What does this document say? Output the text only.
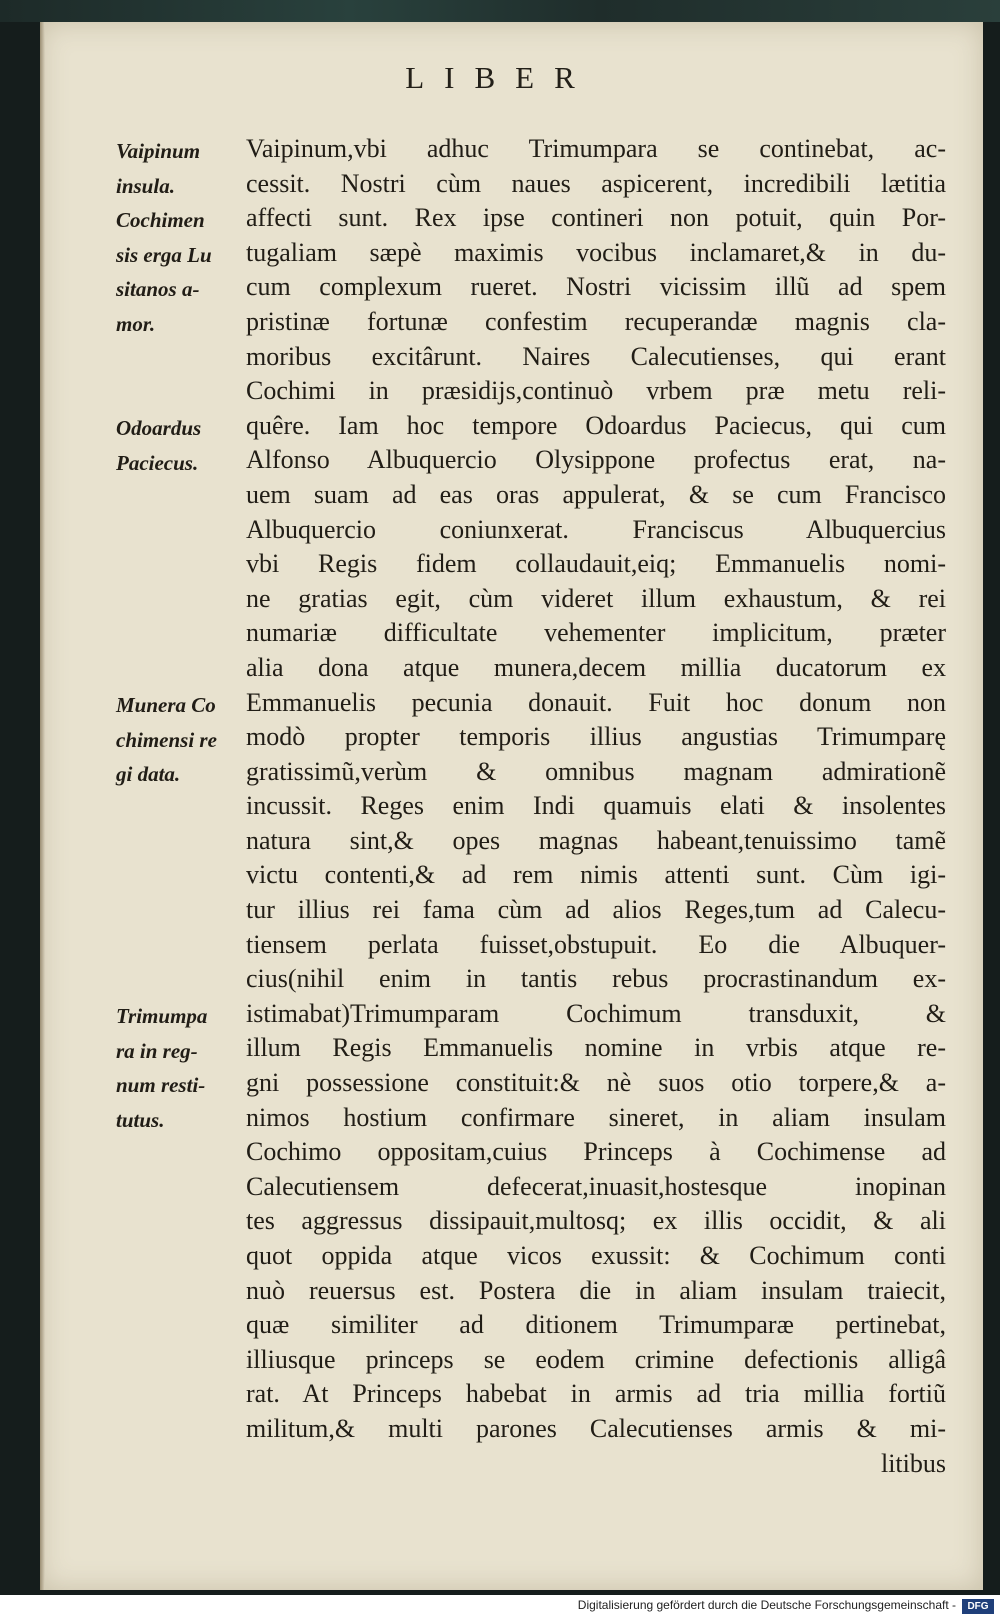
LIBER
Vaipinum
insula.
Cochimen
sis erga Lu
sitanos a-
mor.
Odoardus
Paciecus.
Munera Co
chimensi re
gi data.
Trimumpa
ra in reg-
num resti-
tutus.
Vaipinum,vbi adhuc Trimumpara se continebat, ac-
cessit. Nostri cùm naues aspicerent, incredibili lætitia
affecti sunt. Rex ipse contineri non potuit, quin Por-
tugaliam sæpè maximis vocibus inclamaret,& in du-
cum complexum rueret. Nostri vicissim illũ ad spem
pristinæ fortunæ confestim recuperandæ magnis cla-
moribus excitârunt. Naires Calecutienses, qui erant
Cochimi in præsidijs,continuò vrbem præ metu reli-
quêre. Iam hoc tempore Odoardus Paciecus, qui cum
Alfonso Albuquercio Olysippone profectus erat, na-
uem suam ad eas oras appulerat, & se cum Francisco
Albuquercio coniunxerat. Franciscus Albuquercius
vbi Regis fidem collaudauit,eiq; Emmanuelis nomi-
ne gratias egit, cùm videret illum exhaustum, & rei
numariæ difficultate vehementer implicitum, præter
alia dona atque munera,decem millia ducatorum ex
Emmanuelis pecunia donauit. Fuit hoc donum non
modò propter temporis illius angustias Trimumparę
gratissimũ,verùm & omnibus magnam admirationẽ
incussit. Reges enim Indi quamuis elati & insolentes
natura sint,& opes magnas habeant,tenuissimo tamẽ
victu contenti,& ad rem nimis attenti sunt. Cùm igi-
tur illius rei fama cùm ad alios Reges,tum ad Calecu-
tiensem perlata fuisset,obstupuit. Eo die Albuquer-
cius(nihil enim in tantis rebus procrastinandum ex-
istimabat)Trimumparam Cochimum transduxit, &
illum Regis Emmanuelis nomine in vrbis atque re-
gni possessione constituit:& nè suos otio torpere,& a-
nimos hostium confirmare sineret, in aliam insulam
Cochimo oppositam,cuius Princeps à Cochimense ad
Calecutiensem defecerat,inuasit,hostesque inopinan
tes aggressus dissipauit,multosq; ex illis occidit, & ali
quot oppida atque vicos exussit: & Cochimum conti
nuò reuersus est. Postera die in aliam insulam traiecit,
quæ similiter ad ditionem Trimumparæ pertinebat,
illiusque princeps se eodem crimine defectionis alligâ
rat. At Princeps habebat in armis ad tria millia fortiũ
militum,& multi parones Calecutienses armis & mi-
litibus
Digitalisierung gefördert durch die Deutsche Forschungsgemeinschaft -	DFG
